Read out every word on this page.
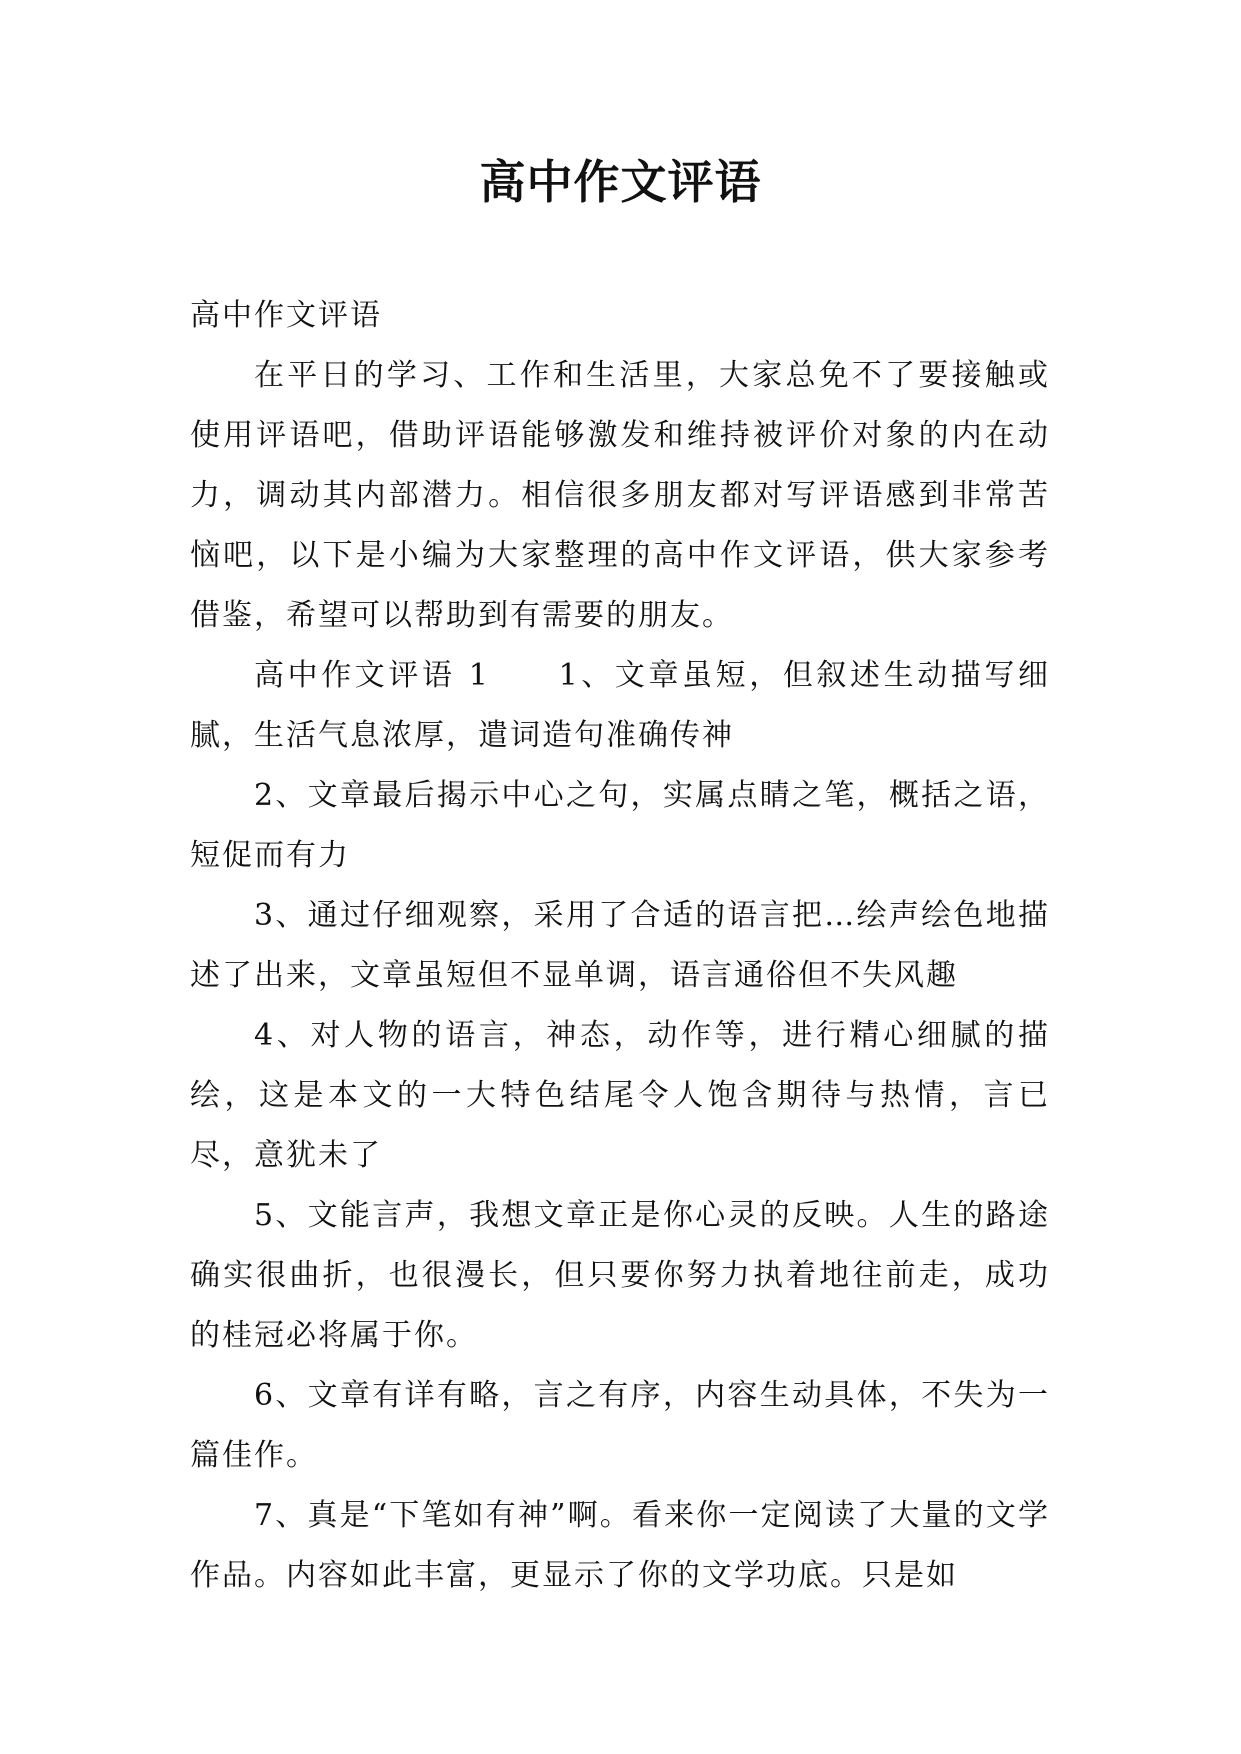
高中作文评语

高中作文评语

在平日的学习、工作和生活里，大家总免不了要接触或使用评语吧，借助评语能够激发和维持被评价对象的内在动力，调动其内部潜力。相信很多朋友都对写评语感到非常苦恼吧，以下是小编为大家整理的高中作文评语，供大家参考借鉴，希望可以帮助到有需要的朋友。

高中作文评语 1　　1、文章虽短，但叙述生动描写细腻，生活气息浓厚，遣词造句准确传神

2、文章最后揭示中心之句，实属点睛之笔，概括之语，短促而有力

3、通过仔细观察，采用了合适的语言把…绘声绘色地描述了出来，文章虽短但不显单调，语言通俗但不失风趣

4、对人物的语言，神态，动作等，进行精心细腻的描绘，这是本文的一大特色结尾令人饱含期待与热情，言已尽，意犹未了

5、文能言声，我想文章正是你心灵的反映。人生的路途确实很曲折，也很漫长，但只要你努力执着地往前走，成功的桂冠必将属于你。

6、文章有详有略，言之有序，内容生动具体，不失为一篇佳作。

7、真是“下笔如有神”啊。看来你一定阅读了大量的文学作品。内容如此丰富，更显示了你的文学功底。只是如
